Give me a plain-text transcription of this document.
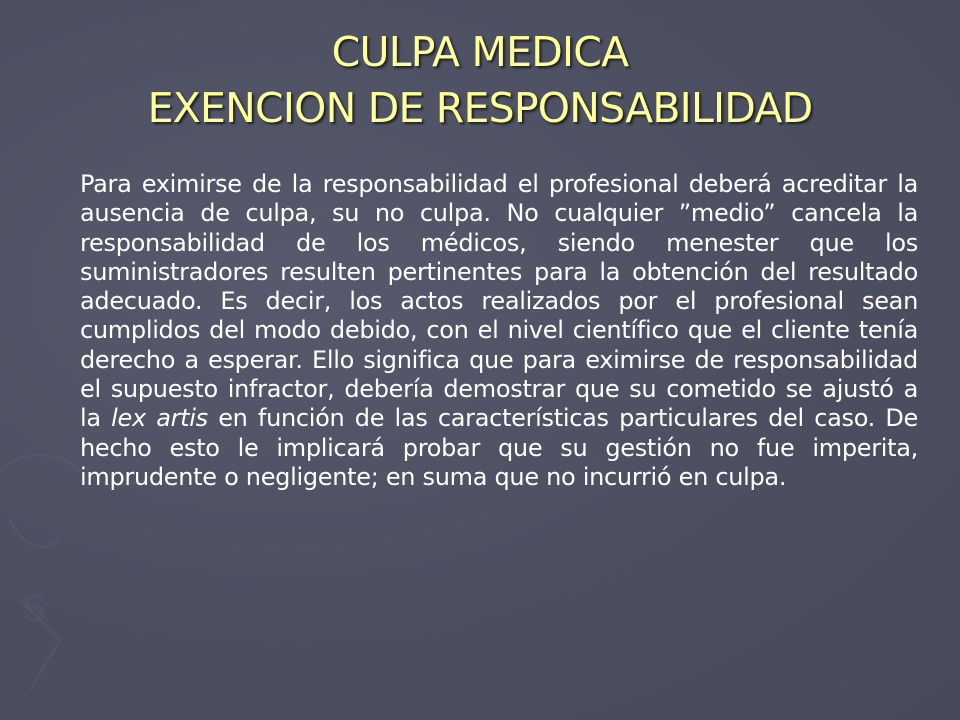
S
CULPA MEDICA
EXENCION DE RESPONSABILIDAD

Para eximirse de la responsabilidad el profesional deberá acreditar la ausencia de culpa, su no culpa. No cualquier ”medio” cancela la responsabilidad de los médicos, siendo menester que los suministradores resulten pertinentes para la obtención del resultado adecuado. Es decir, los actos realizados por el profesional sean cumplidos del modo debido, con el nivel científico que el cliente tenía derecho a esperar. Ello significa que para eximirse de responsabilidad el supuesto infractor, debería demostrar que su cometido se ajustó a la lex artis en función de las características particulares del caso. De hecho esto le implicará probar que su gestión no fue imperita, imprudente o negligente; en suma que no incurrió en culpa.
